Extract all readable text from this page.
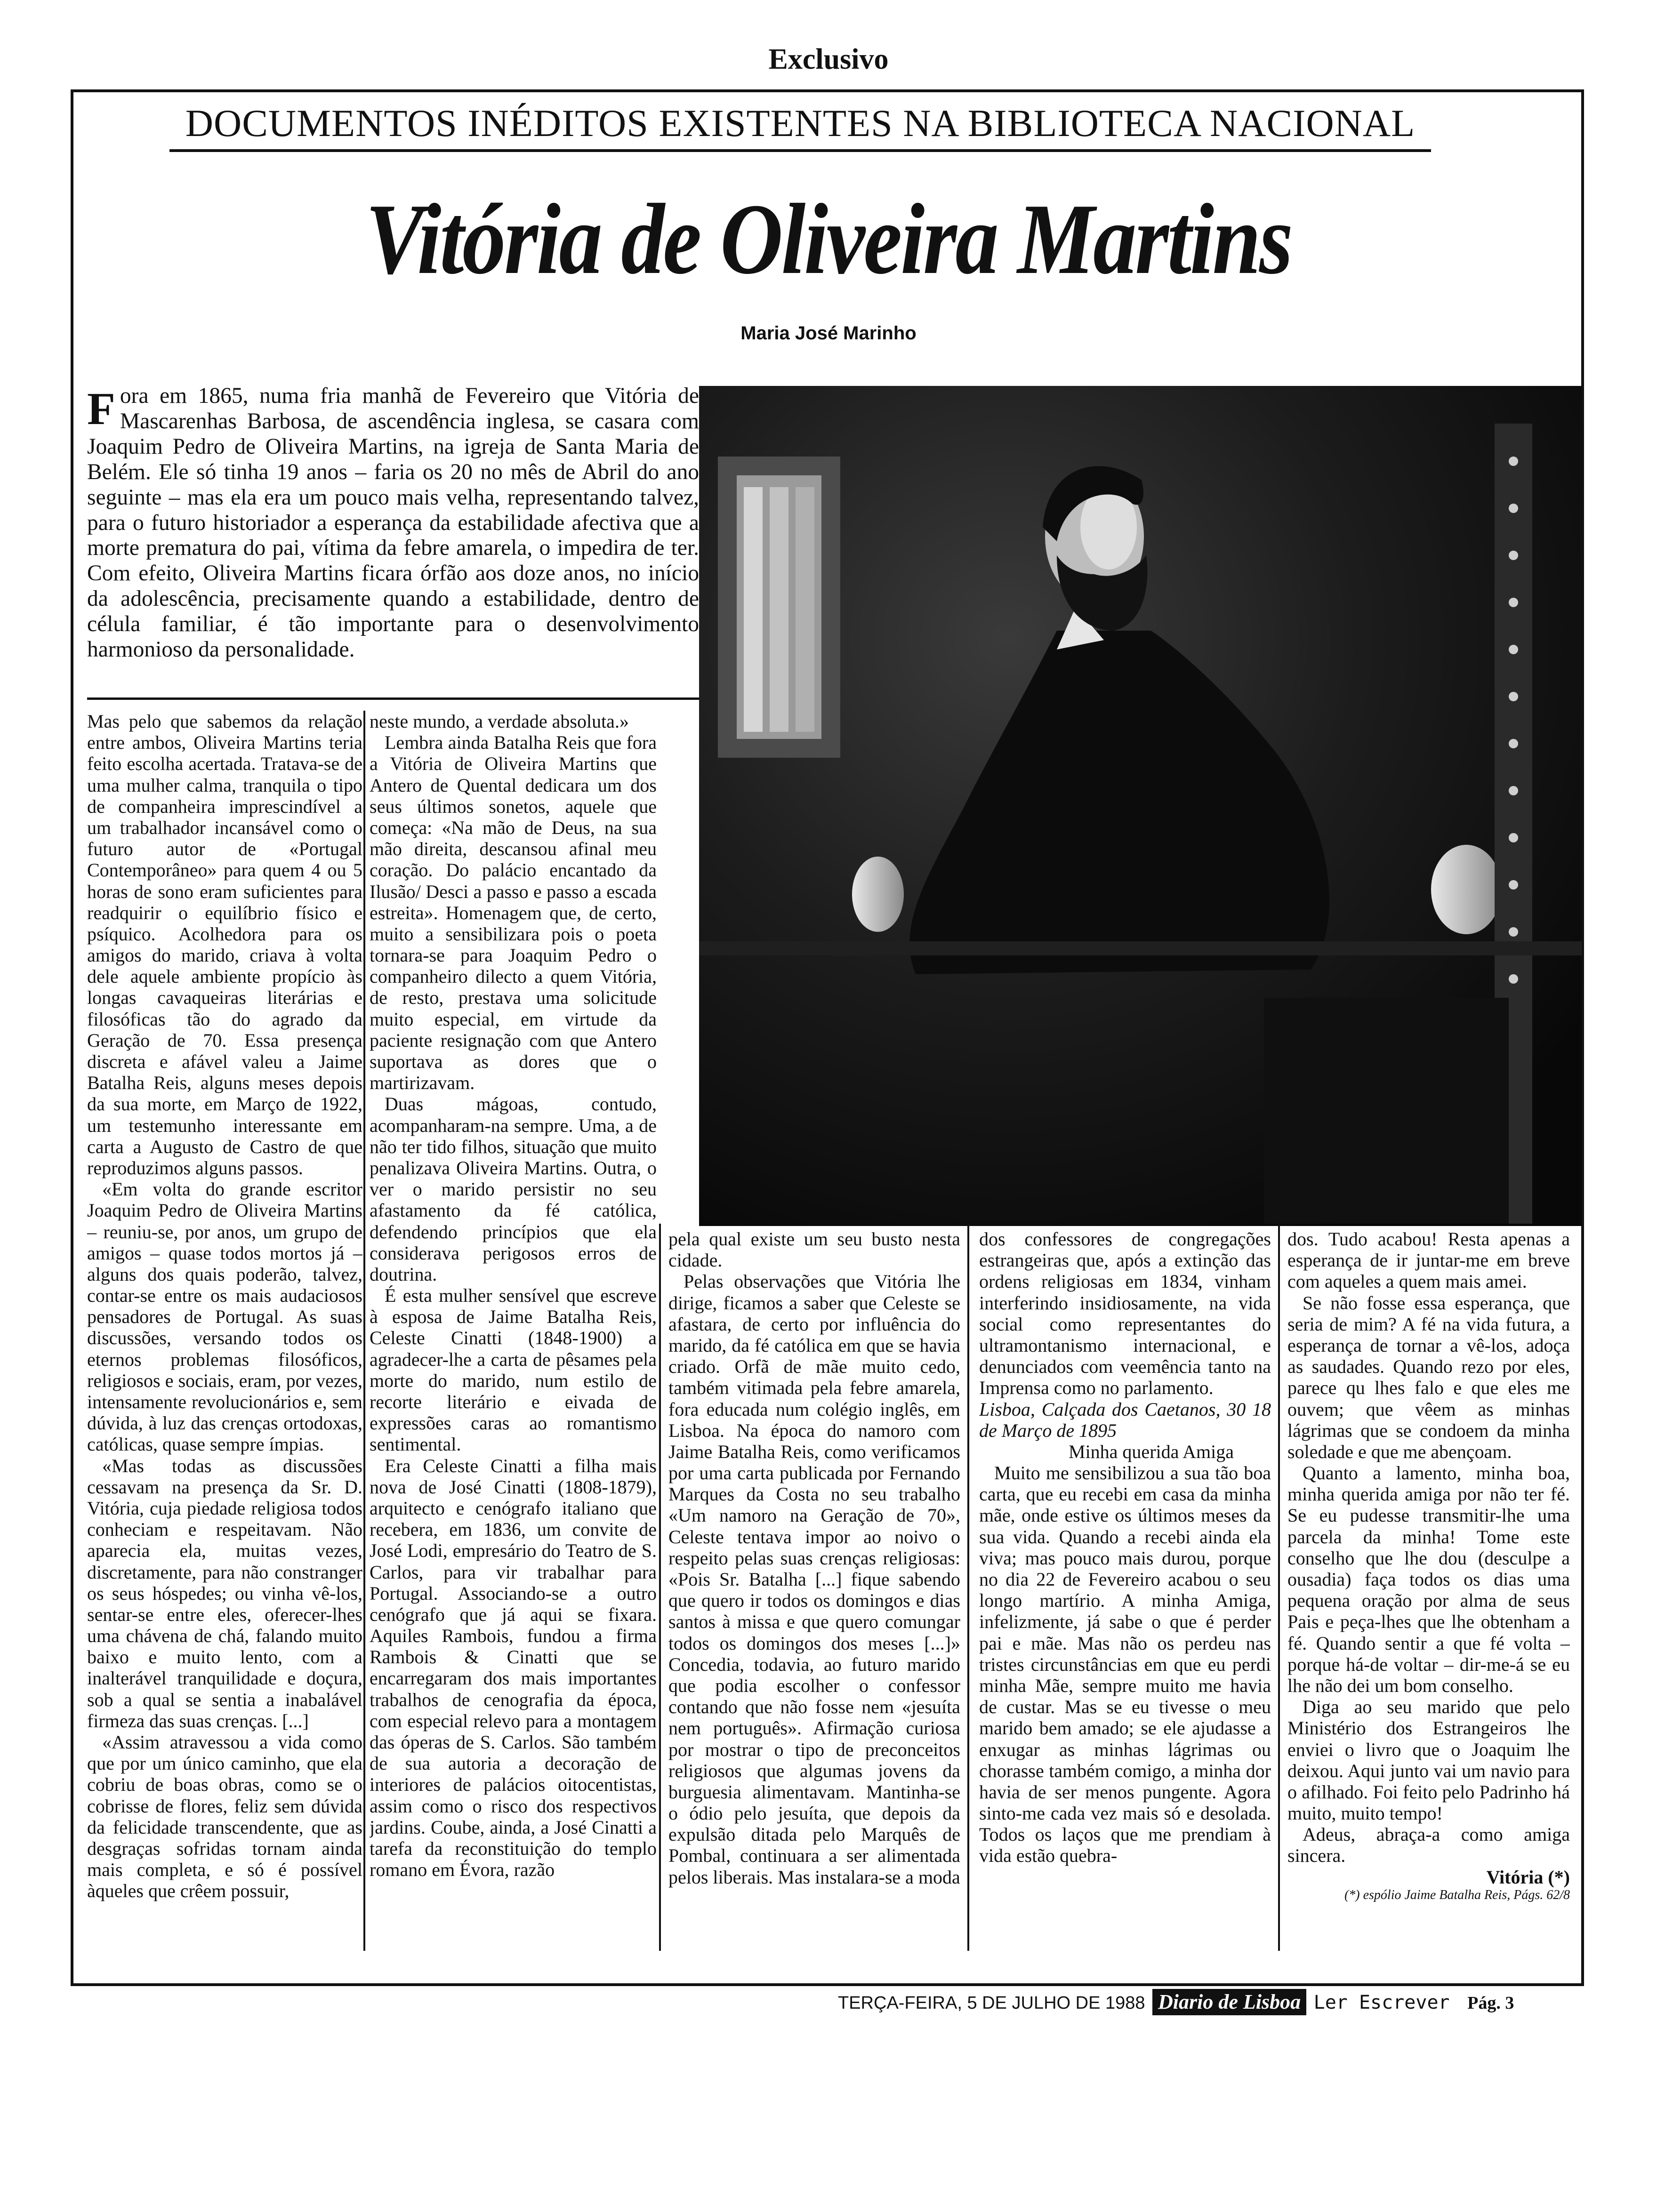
Exclusivo
DOCUMENTOS INÉDITOS EXISTENTES NA BIBLIOTECA NACIONAL
Vitória de Oliveira Martins
Maria José Marinho
F ora em 1865, numa fria manhã de Fevereiro que Vitória de Mascarenhas Barbosa, de ascendência inglesa, se casara com Joaquim Pedro de Oliveira Martins, na igreja de Santa Maria de Belém. Ele só tinha 19 anos – faria os 20 no mês de Abril do ano seguinte – mas ela era um pouco mais velha, representando talvez, para o futuro historiador a esperança da estabilidade afectiva que a morte prematura do pai, vítima da febre amarela, o impedira de ter. Com efeito, Oliveira Martins ficara órfão aos doze anos, no início da adolescência, precisamente quando a estabilidade, dentro de célula familiar, é tão importante para o desenvolvimento harmonioso da personalidade.

Mas pelo que sabemos da relação entre ambos, Oliveira Martins teria feito escolha acertada. Tratava-se de uma mulher calma, tranquila o tipo de companheira imprescindível a um trabalhador incansável como o futuro autor de «Portugal Contemporâneo» para quem 4 ou 5 horas de sono eram suficientes para readquirir o equilíbrio físico e psíquico. Acolhedora para os amigos do marido, criava à volta dele aquele ambiente propício às longas cavaqueiras literárias e filosóficas tão do agrado da Geração de 70. Essa presença discreta e afável valeu a Jaime Batalha Reis, alguns meses depois da sua morte, em Março de 1922, um testemunho interessante em carta a Augusto de Castro de que reproduzimos alguns passos.

«Em volta do grande escritor Joaquim Pedro de Oliveira Martins – reuniu-se, por anos, um grupo de amigos – quase todos mortos já – alguns dos quais poderão, talvez, contar-se entre os mais audaciosos pensadores de Portugal. As suas discussões, versando todos os eternos problemas filosóficos, religiosos e sociais, eram, por vezes, intensamente revolucionários e, sem dúvida, à luz das crenças ortodoxas, católicas, quase sempre ímpias.

«Mas todas as discussões cessavam na presença da Sr. D. Vitória, cuja piedade religiosa todos conheciam e respeitavam. Não aparecia ela, muitas vezes, discretamente, para não constranger os seus hóspedes; ou vinha vê-los, sentar-se entre eles, oferecer-lhes uma chávena de chá, falando muito baixo e muito lento, com a inalterável tranquilidade e doçura, sob a qual se sentia a inabalável firmeza das suas crenças. [...]

«Assim atravessou a vida como que por um único caminho, que ela cobriu de boas obras, como se o cobrisse de flores, feliz sem dúvida da felicidade transcendente, que as desgraças sofridas tornam ainda mais completa, e só é possível àqueles que crêem possuir,

neste mundo, a verdade absoluta.»

Lembra ainda Batalha Reis que fora a Vitória de Oliveira Martins que Antero de Quental dedicara um dos seus últimos sonetos, aquele que começa: «Na mão de Deus, na sua mão direita, descansou afinal meu coração. Do palácio encantado da Ilusão/ Desci a passo e passo a escada estreita». Homenagem que, de certo, muito a sensibilizara pois o poeta tornara-se para Joaquim Pedro o companheiro dilecto a quem Vitória, de resto, prestava uma solicitude muito especial, em virtude da paciente resignação com que Antero suportava as dores que o martirizavam.

Duas mágoas, contudo, acompanharam-na sempre. Uma, a de não ter tido filhos, situação que muito penalizava Oliveira Martins. Outra, o ver o marido persistir no seu afastamento da fé católica, defendendo princípios que ela considerava perigosos erros de doutrina.

É esta mulher sensível que escreve à esposa de Jaime Batalha Reis, Celeste Cinatti (1848-1900) a agradecer-lhe a carta de pêsames pela morte do marido, num estilo de recorte literário e eivada de expressões caras ao romantismo sentimental.

Era Celeste Cinatti a filha mais nova de José Cinatti (1808-1879), arquitecto e cenógrafo italiano que recebera, em 1836, um convite de José Lodi, empresário do Teatro de S. Carlos, para vir trabalhar para Portugal. Associando-se a outro cenógrafo que já aqui se fixara. Aquiles Rambois, fundou a firma Rambois & Cinatti que se encarregaram dos mais importantes trabalhos de cenografia da época, com especial relevo para a montagem das óperas de S. Carlos. São também de sua autoria a decoração de interiores de palácios oitocentistas, assim como o risco dos respectivos jardins. Coube, ainda, a José Cinatti a tarefa da reconstituição do templo romano em Évora, razão

pela qual existe um seu busto nesta cidade.

Pelas observações que Vitória lhe dirige, ficamos a saber que Celeste se afastara, de certo por influência do marido, da fé católica em que se havia criado. Orfã de mãe muito cedo, também vitimada pela febre amarela, fora educada num colégio inglês, em Lisboa. Na época do namoro com Jaime Batalha Reis, como verificamos por uma carta publicada por Fernando Marques da Costa no seu trabalho «Um namoro na Geração de 70», Celeste tentava impor ao noivo o respeito pelas suas crenças religiosas: «Pois Sr. Batalha [...] fique sabendo que quero ir todos os domingos e dias santos à missa e que quero comungar todos os domingos dos meses [...]» Concedia, todavia, ao futuro marido que podia escolher o confessor contando que não fosse nem «jesuíta nem português». Afirmação curiosa por mostrar o tipo de preconceitos religiosos que algumas jovens da burguesia alimentavam. Mantinha-se o ódio pelo jesuíta, que depois da expulsão ditada pelo Marquês de Pombal, continuara a ser alimentada pelos liberais. Mas instalara-se a moda

dos confessores de congregações estrangeiras que, após a extinção das ordens religiosas em 1834, vinham interferindo insidiosamente, na vida social como representantes do ultramontanismo internacional, e denunciados com veemência tanto na Imprensa como no parlamento.

Lisboa, Calçada dos Caetanos, 30 18 de Março de 1895

Minha querida Amiga

Muito me sensibilizou a sua tão boa carta, que eu recebi em casa da minha mãe, onde estive os últimos meses da sua vida. Quando a recebi ainda ela viva; mas pouco mais durou, porque no dia 22 de Fevereiro acabou o seu longo martírio. A minha Amiga, infelizmente, já sabe o que é perder pai e mãe. Mas não os perdeu nas tristes circunstâncias em que eu perdi minha Mãe, sempre muito me havia de custar. Mas se eu tivesse o meu marido bem amado; se ele ajudasse a enxugar as minhas lágrimas ou chorasse também comigo, a minha dor havia de ser menos pungente. Agora sinto-me cada vez mais só e desolada. Todos os laços que me prendiam à vida estão quebra-

dos. Tudo acabou! Resta apenas a esperança de ir juntar-me em breve com aqueles a quem mais amei.

Se não fosse essa esperança, que seria de mim? A fé na vida futura, a esperança de tornar a vê-los, adoça as saudades. Quando rezo por eles, parece qu lhes falo e que eles me ouvem; que vêem as minhas lágrimas que se condoem da minha soledade e que me abençoam.

Quanto a lamento, minha boa, minha querida amiga por não ter fé. Se eu pudesse transmitir-lhe uma parcela da minha! Tome este conselho que lhe dou (desculpe a ousadia) faça todos os dias uma pequena oração por alma de seus Pais e peça-lhes que lhe obtenham a fé. Quando sentir a que fé volta – porque há-de voltar – dir-me-á se eu lhe não dei um bom conselho.

Diga ao seu marido que pelo Ministério dos Estrangeiros lhe enviei o livro que o Joaquim lhe deixou. Aqui junto vai um navio para o afilhado. Foi feito pelo Padrinho há muito, muito tempo!

Adeus, abraça-a como amiga sincera.

Vitória (*)

(*) espólio Jaime Batalha Reis, Págs. 62/8

TERÇA-FEIRA, 5 DE JULHO DE 1988 Diario de Lisboa Ler Escrever Pág. 3
